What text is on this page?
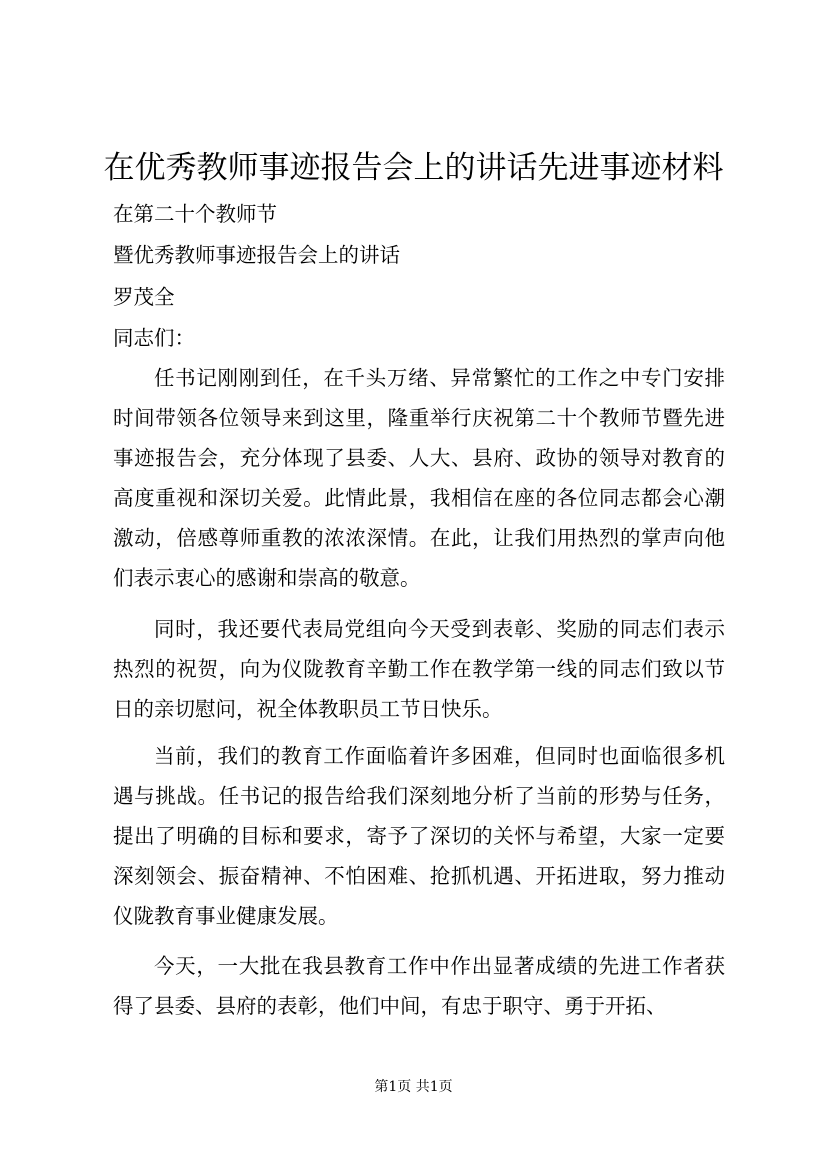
在优秀教师事迹报告会上的讲话先进事迹材料

在第二十个教师节

暨优秀教师事迹报告会上的讲话

罗茂全

同志们：

任书记刚刚到任，在千头万绪、异常繁忙的工作之中专门安排时间带领各位领导来到这里，隆重举行庆祝第二十个教师节暨先进事迹报告会，充分体现了县委、人大、县府、政协的领导对教育的高度重视和深切关爱。此情此景，我相信在座的各位同志都会心潮激动，倍感尊师重教的浓浓深情。在此，让我们用热烈的掌声向他们表示衷心的感谢和崇高的敬意。

同时，我还要代表局党组向今天受到表彰、奖励的同志们表示热烈的祝贺，向为仪陇教育辛勤工作在教学第一线的同志们致以节日的亲切慰问，祝全体教职员工节日快乐。

当前，我们的教育工作面临着许多困难，但同时也面临很多机遇与挑战。任书记的报告给我们深刻地分析了当前的形势与任务，提出了明确的目标和要求，寄予了深切的关怀与希望，大家一定要深刻领会、振奋精神、不怕困难、抢抓机遇、开拓进取，努力推动仪陇教育事业健康发展。

今天，一大批在我县教育工作中作出显著成绩的先进工作者获得了县委、县府的表彰，他们中间，有忠于职守、勇于开拓、

第1页 共1页
